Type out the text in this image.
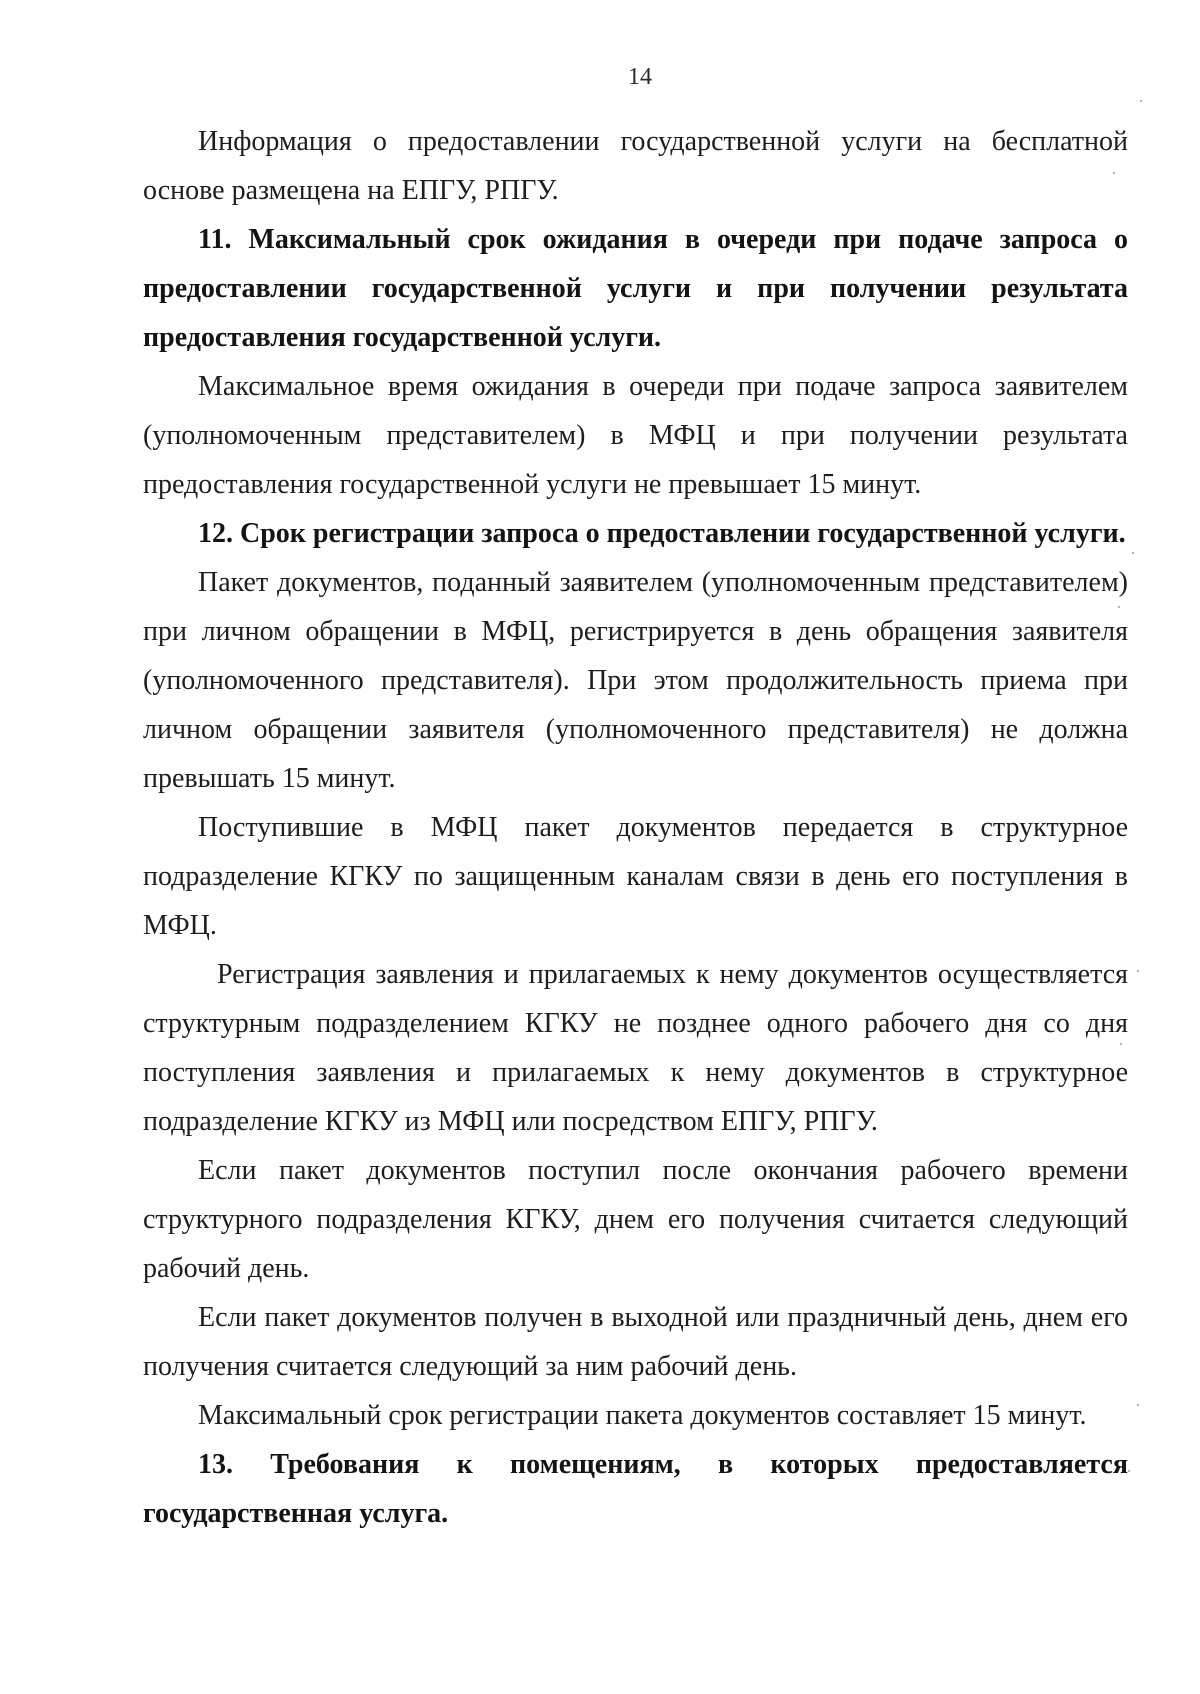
14

Информация о предоставлении государственной услуги на бесплатной основе размещена на ЕПГУ, РПГУ.

11. Максимальный срок ожидания в очереди при подаче запроса о предоставлении государственной услуги и при получении результата предоставления государственной услуги.

Максимальное время ожидания в очереди при подаче запроса заявителем (уполномоченным представителем) в МФЦ и при получении результата предоставления государственной услуги не превышает 15 минут.

12. Срок регистрации запроса о предоставлении государственной услуги.

Пакет документов, поданный заявителем (уполномоченным представителем) при личном обращении в МФЦ, регистрируется в день обращения заявителя (уполномоченного представителя). При этом продолжительность приема при личном обращении заявителя (уполномоченного представителя) не должна превышать 15 минут.

Поступившие в МФЦ пакет документов передается в структурное подразделение КГКУ по защищенным каналам связи в день его поступления в МФЦ.

Регистрация заявления и прилагаемых к нему документов осуществляется структурным подразделением КГКУ не позднее одного рабочего дня со дня поступления заявления и прилагаемых к нему документов в структурное подразделение КГКУ из МФЦ или посредством ЕПГУ, РПГУ.

Если пакет документов поступил после окончания рабочего времени структурного подразделения КГКУ, днем его получения считается следующий рабочий день.

Если пакет документов получен в выходной или праздничный день, днем его получения считается следующий за ним рабочий день.

Максимальный срок регистрации пакета документов составляет 15 минут.

13. Требования к помещениям, в которых предоставляется государственная услуга.
